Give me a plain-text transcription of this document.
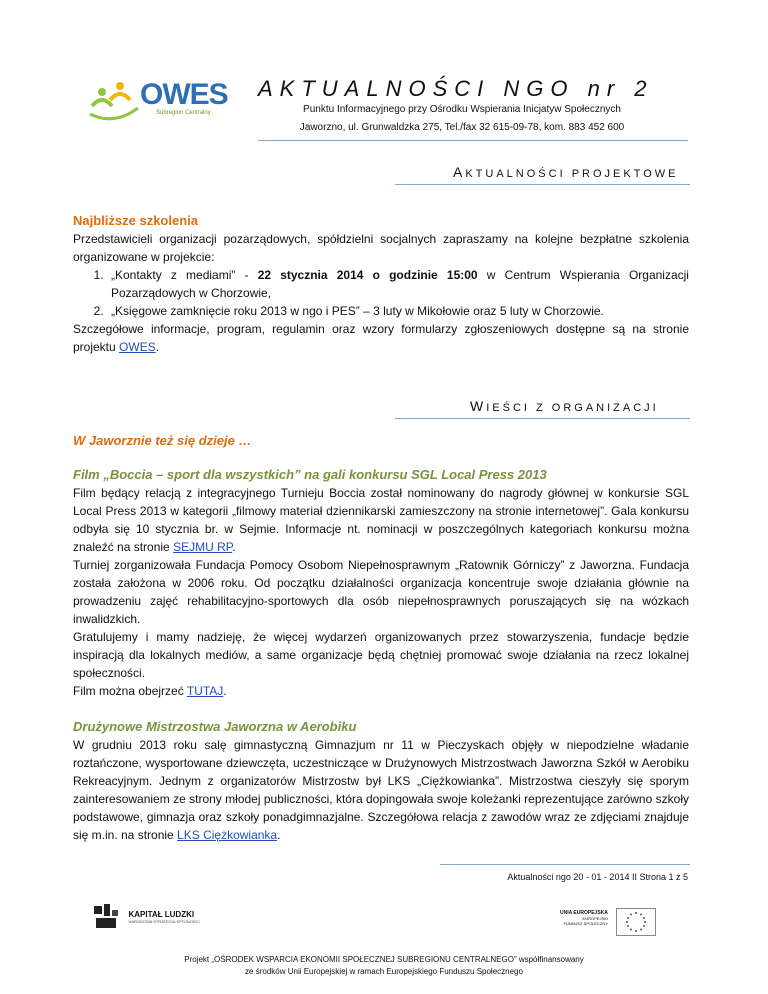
OWES
Subregion Centralny
AKTUALNOŚCI NGO nr 2
Punktu Informacyjnego przy Ośrodku Wspierania Inicjatyw Społecznych
Jaworzno, ul. Grunwaldzka 275, Tel./fax 32 615-09-78, kom. 883 452 600
AKTUALNOŚCI PROJEKTOWE
Najbliższe szkolenia

Przedstawicieli organizacji pozarządowych, spółdzielni socjalnych zapraszamy na kolejne bezpłatne szkolenia organizowane w projekcie:

1. „Kontakty z mediami” - 22 stycznia 2014 o godzinie 15:00 w Centrum Wspierania Organizacji Pozarządowych w Chorzowie,
2. „Księgowe zamknięcie roku 2013 w ngo i PES” – 3 luty w Mikołowie oraz 5 luty w Chorzowie.

Szczegółowe informacje, program, regulamin oraz wzory formularzy zgłoszeniowych dostępne są na stronie projektu OWES.

WIEŚCI Z ORGANIZACJI
W Jaworznie też się dzieje …
Film „Boccia – sport dla wszystkich” na gali konkursu SGL Local Press 2013

Film będący relacją z integracyjnego Turnieju Boccia został nominowany do nagrody głównej w konkursie SGL Local Press 2013 w kategorii „filmowy materiał dziennikarski zamieszczony na stronie internetowej”. Gala konkursu odbyła się 10 stycznia br. w Sejmie. Informacje nt. nominacji w poszczególnych kategoriach konkursu można znaleźć na stronie SEJMU RP.

Turniej zorganizowała Fundacja Pomocy Osobom Niepełnosprawnym „Ratownik Górniczy” z Jaworzna. Fundacja została założona w 2006 roku. Od początku działalności organizacja koncentruje swoje działania głównie na prowadzeniu zajęć rehabilitacyjno-sportowych dla osób niepełnosprawnych poruszających się na wózkach inwalidzkich.

Gratulujemy i mamy nadzieję, że więcej wydarzeń organizowanych przez stowarzyszenia, fundacje będzie inspiracją dla lokalnych mediów, a same organizacje będą chętniej promować swoje działania na rzecz lokalnej społeczności.

Film można obejrzeć TUTAJ.

Drużynowe Mistrzostwa Jaworzna w Aerobiku

W grudniu 2013 roku salę gimnastyczną Gimnazjum nr 11 w Pieczyskach objęły w niepodzielne władanie roztańczone, wysportowane dziewczęta, uczestniczące w Drużynowych Mistrzostwach Jaworzna Szkół w Aerobiku Rekreacyjnym. Jednym z organizatorów Mistrzostw był LKS „Ciężkowianka”. Mistrzostwa cieszyły się sporym zainteresowaniem ze strony młodej publiczności, która dopingowała swoje koleżanki reprezentujące zarówno szkoły podstawowe, gimnazja oraz szkoły ponadgimnazjalne. Szczegółowa relacja z zawodów wraz ze zdjęciami znajduje się m.in. na stronie LKS Ciężkowianka.

Aktualności ngo 20 - 01 - 2014 II Strona 1 z 5

KAPITAŁ LUDZKI
NARODOWA STRATEGIA SPÓJNOŚCI
UNIA EUROPEJSKA
EUROPEJSKI
FUNDUSZ SPOŁECZNY

Projekt „OŚRODEK WSPARCIA EKONOMII SPOŁECZNEJ SUBREGIONU CENTRALNEGO” współfinansowany
ze środków Unii Europejskiej w ramach Europejskiego Funduszu Społecznego
